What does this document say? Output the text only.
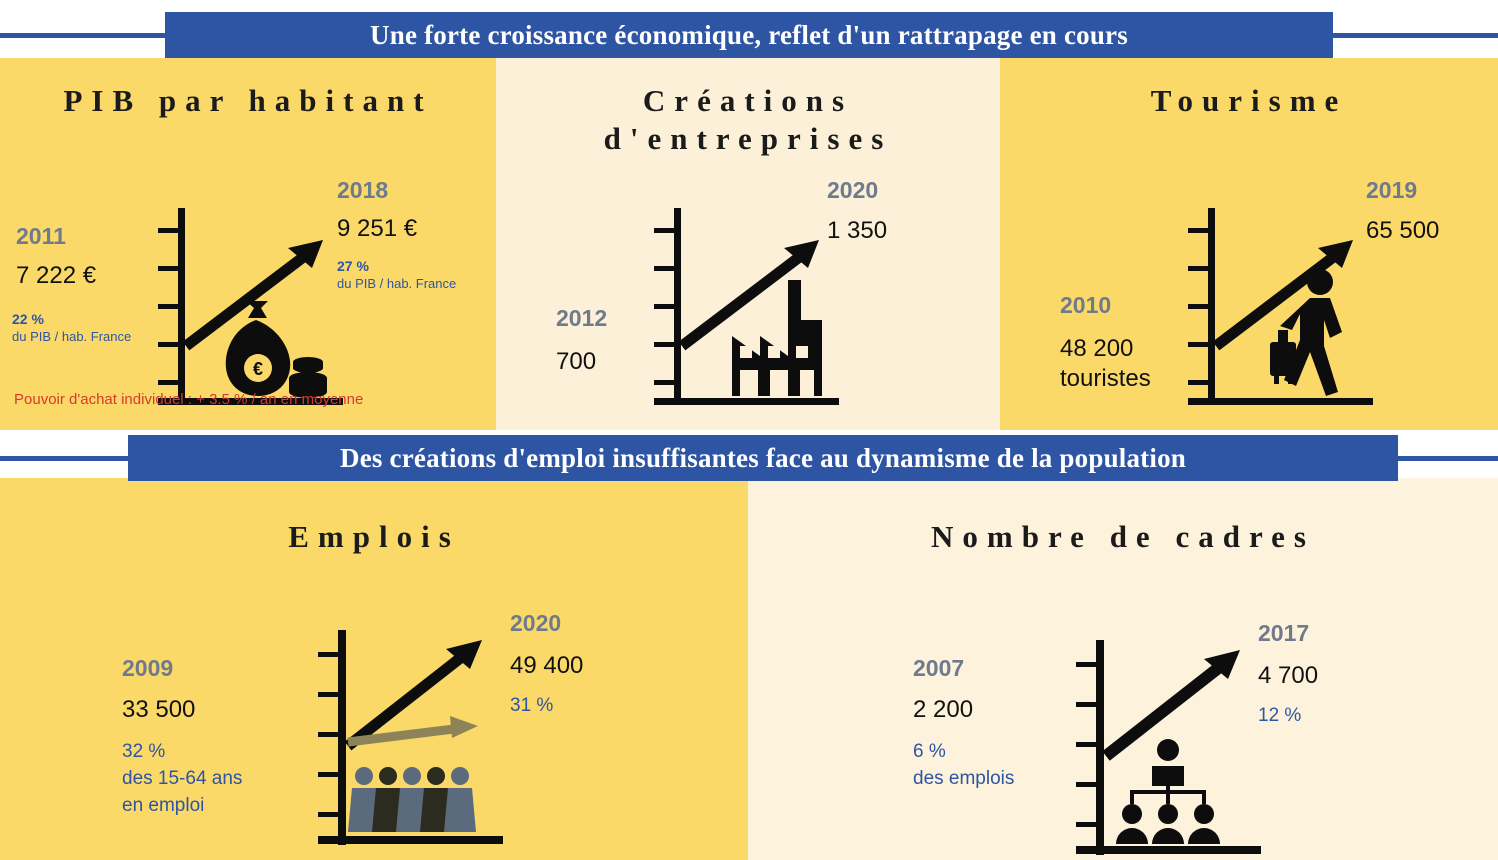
PIB par habitant
2011
7 222 €
22 %
du PIB / hab. France
2018
9 251 €
27 %
du PIB / hab. France
€
Pouvoir d'achat individuel : + 3.5 % / an en moyenne
Créations d'entreprises
2012
700
2020
1 350
Tourisme
2010
48 200
touristes
2019
65 500
Une forte croissance économique, reflet d'un rattrapage en cours
Emplois
2009
33 500
32 %
des 15-64 ans
en emploi
2020
49 400
31 %
Nombre de cadres
2007
2 200
6 %
des emplois
2017
4 700
12 %
Des créations d'emploi insuffisantes face au dynamisme de la population
